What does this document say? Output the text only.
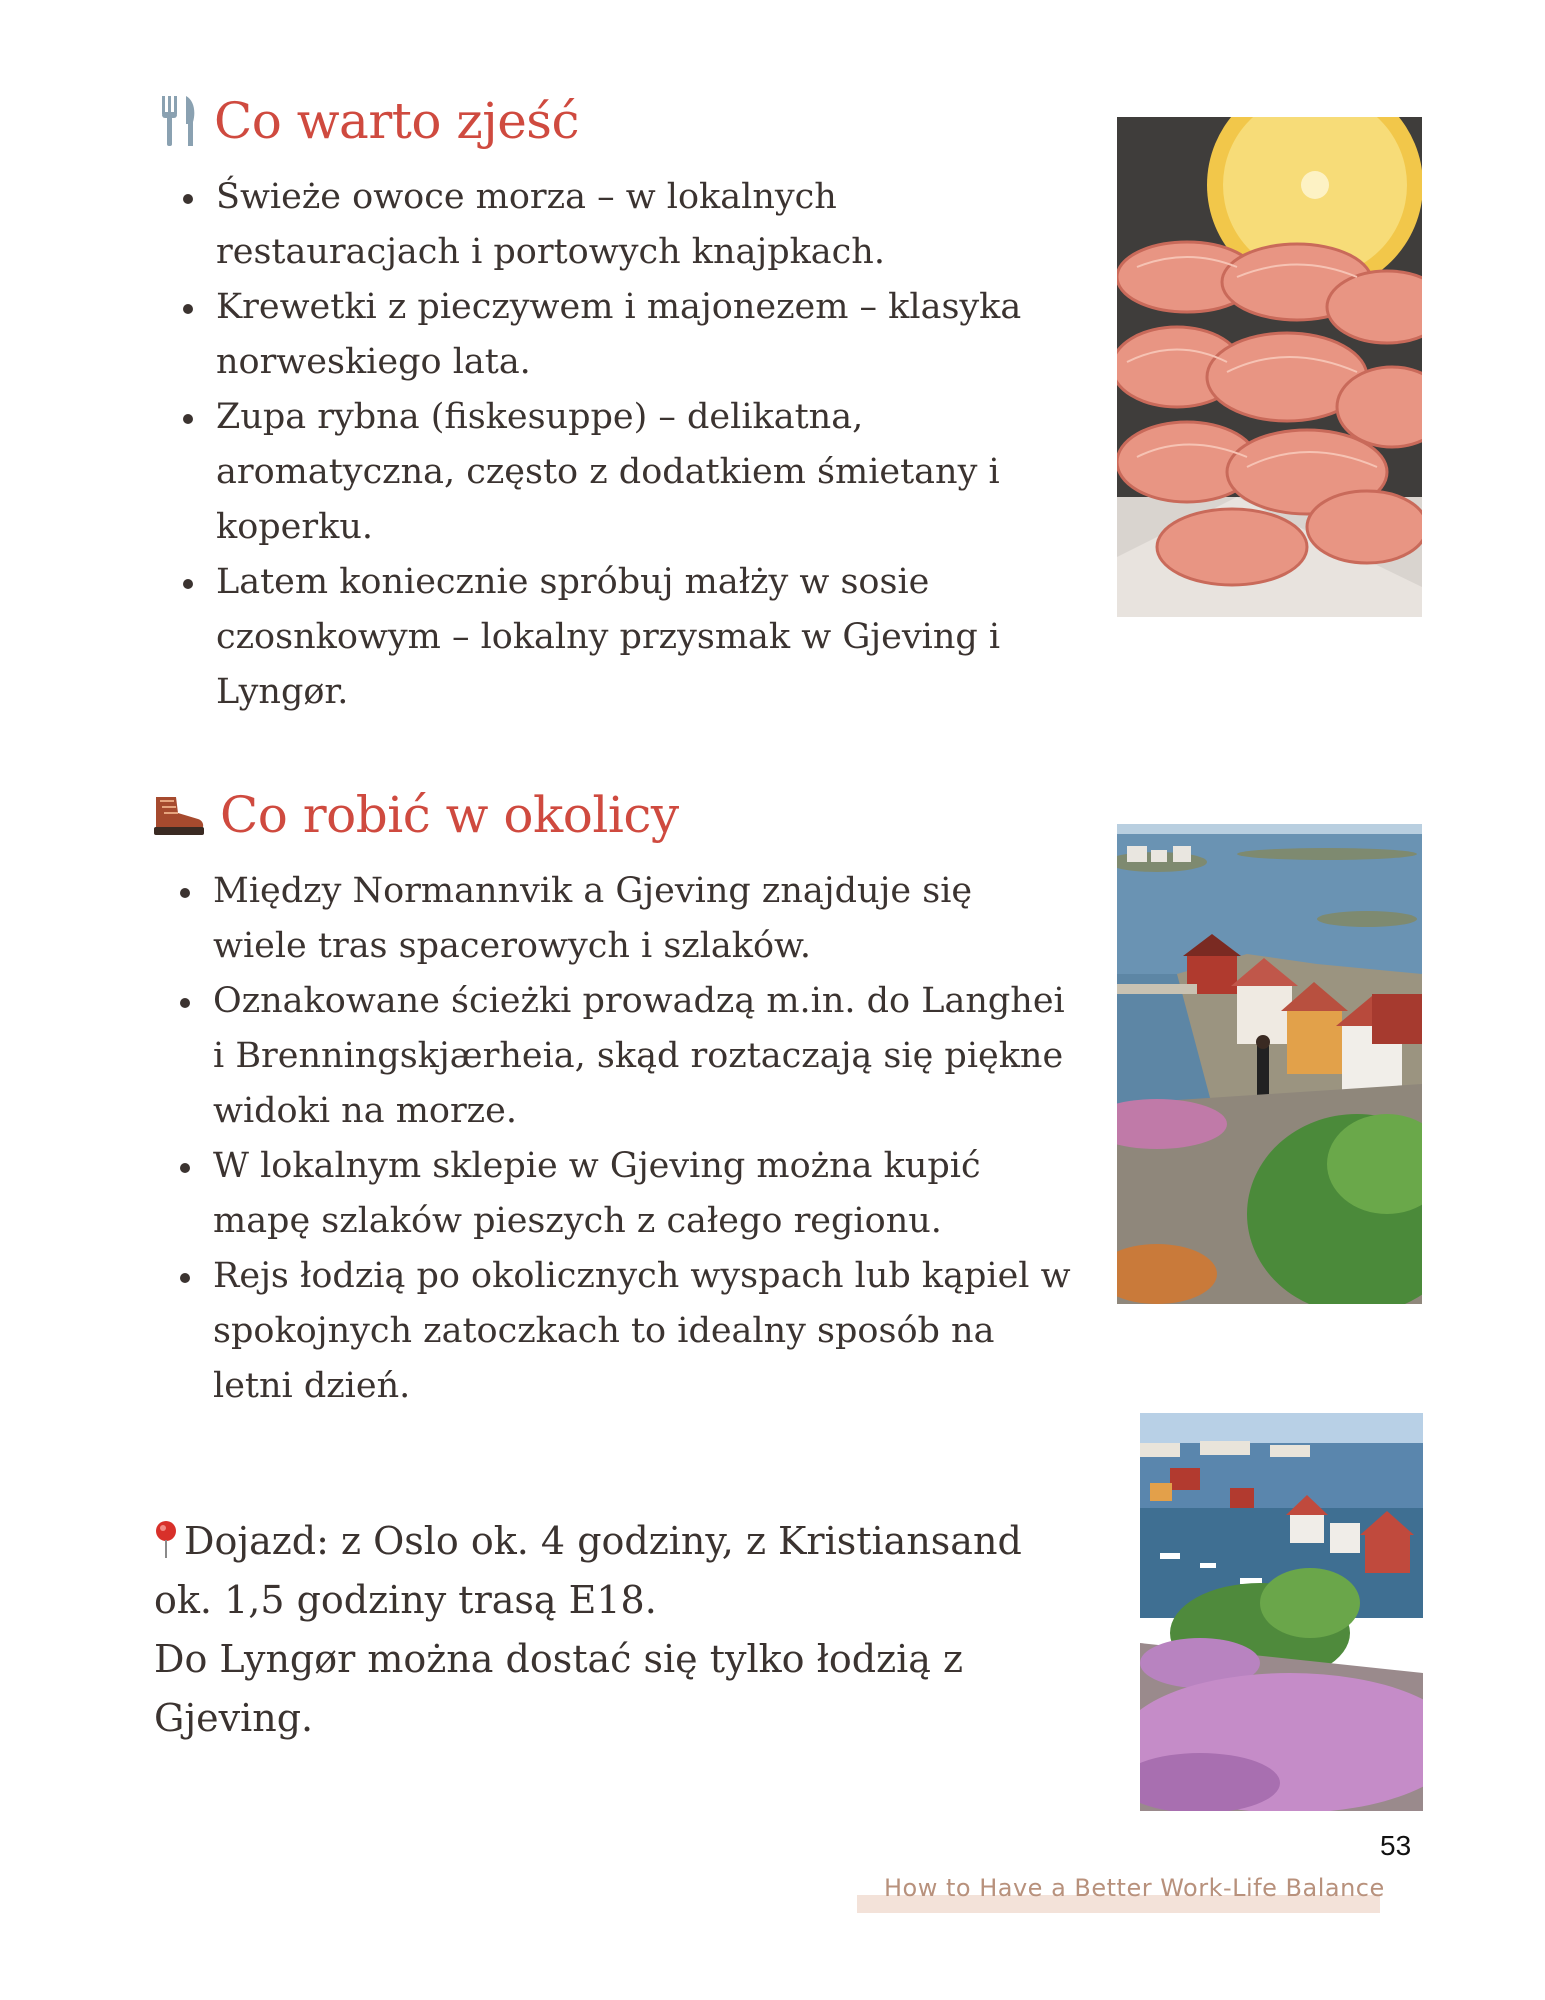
Co warto zjeść
Świeże owoce morza – w lokalnych restauracjach i portowych knajpkach.
Krewetki z pieczywem i majonezem – klasyka norweskiego lata.
Zupa rybna (fiskesuppe) – delikatna, aromatyczna, często z dodatkiem śmietany i koperku.
Latem koniecznie spróbuj małży w sosie czosnkowym – lokalny przysmak w Gjeving i Lyngør.
Co robić w okolicy
Między Normannvik a Gjeving znajduje się wiele tras spacerowych i szlaków.
Oznakowane ścieżki prowadzą m.in. do Langhei i Brenningskjærheia, skąd roztaczają się piękne widoki na morze.
W lokalnym sklepie w Gjeving można kupić mapę szlaków pieszych z całego regionu.
Rejs łodzią po okolicznych wyspach lub kąpiel w spokojnych zatoczkach to idealny sposób na letni dzień.
Dojazd: z Oslo ok. 4 godziny, z Kristiansand ok. 1,5 godziny trasą E18.
Do Lyngør można dostać się tylko łodzią z Gjeving.
53
How to Have a Better Work-Life Balance
